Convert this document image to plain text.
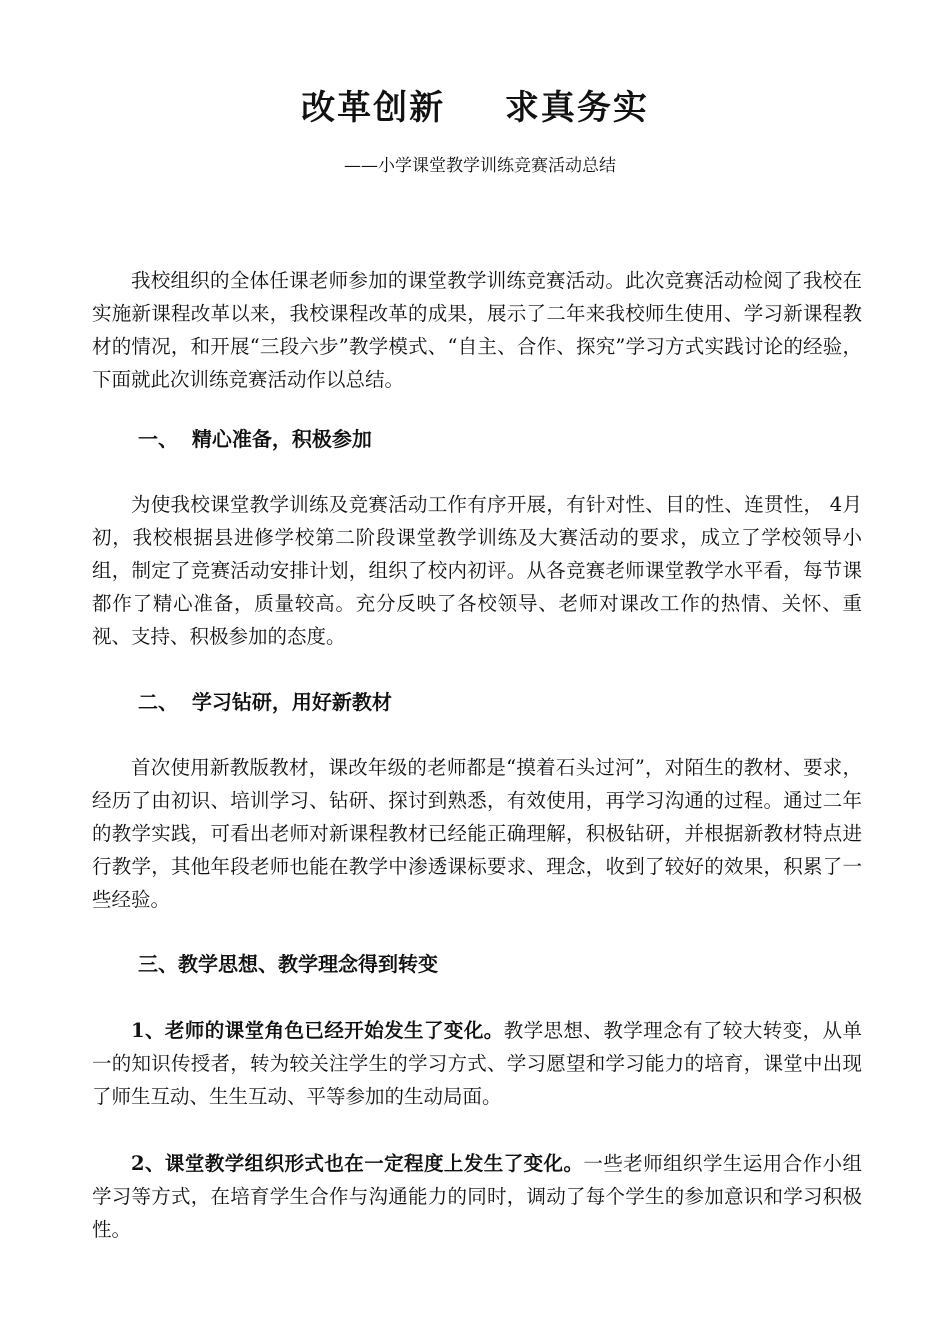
改革创新  求真务实
——小学课堂教学训练竞赛活动总结

我校组织的全体任课老师参加的课堂教学训练竞赛活动。此次竞赛活动检阅了我校在实施新课程改革以来，我校课程改革的成果，展示了二年来我校师生使用、学习新课程教材的情况，和开展“三段六步”教学模式、“自主、合作、探究”学习方式实践讨论的经验，下面就此次训练竞赛活动作以总结。

一、  精心准备，积极参加

为使我校课堂教学训练及竞赛活动工作有序开展，有针对性、目的性、连贯性， 4月初，我校根据县进修学校第二阶段课堂教学训练及大赛活动的要求，成立了学校领导小组，制定了竞赛活动安排计划，组织了校内初评。从各竞赛老师课堂教学水平看，每节课都作了精心准备，质量较高。充分反映了各校领导、老师对课改工作的热情、关怀、重视、支持、积极参加的态度。

二、  学习钻研，用好新教材

首次使用新教版教材，课改年级的老师都是“摸着石头过河”，对陌生的教材、要求，经历了由初识、培训学习、钻研、探讨到熟悉，有效使用，再学习沟通的过程。通过二年的教学实践，可看出老师对新课程教材已经能正确理解，积极钻研，并根据新教材特点进行教学，其他年段老师也能在教学中渗透课标要求、理念，收到了较好的效果，积累了一些经验。

三、教学思想、教学理念得到转变

1、老师的课堂角色已经开始发生了变化。教学思想、教学理念有了较大转变，从单一的知识传授者，转为较关注学生的学习方式、学习愿望和学习能力的培育，课堂中出现了师生互动、生生互动、平等参加的生动局面。

2、课堂教学组织形式也在一定程度上发生了变化。一些老师组织学生运用合作小组学习等方式，在培育学生合作与沟通能力的同时，调动了每个学生的参加意识和学习积极性。
